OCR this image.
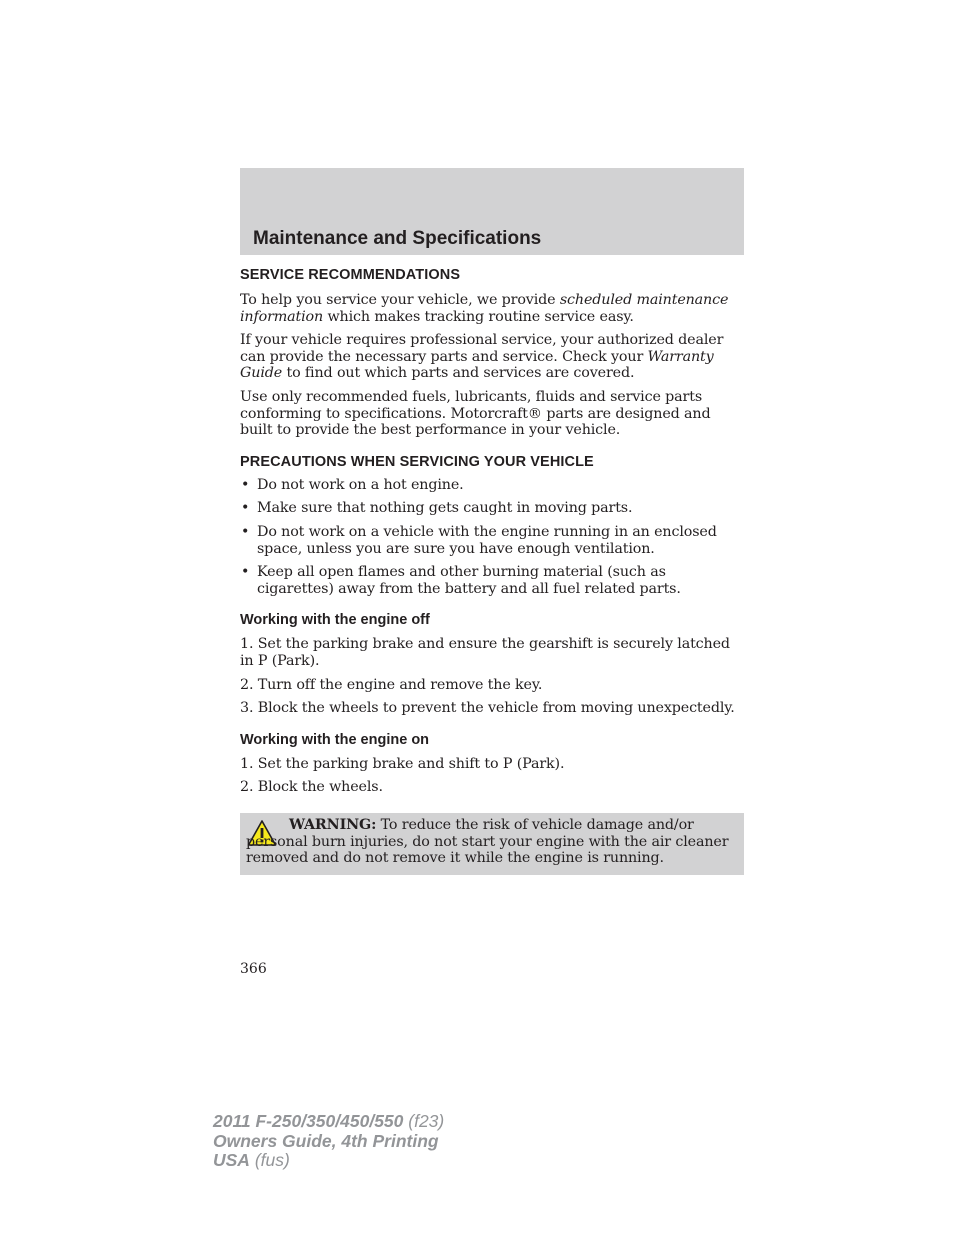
Maintenance and Specifications
SERVICE RECOMMENDATIONS

To help you service your vehicle, we provide scheduled maintenance information which makes tracking routine service easy.

If your vehicle requires professional service, your authorized dealer can provide the necessary parts and service. Check your Warranty Guide to find out which parts and services are covered.

Use only recommended fuels, lubricants, fluids and service parts conforming to specifications. Motorcraft® parts are designed and built to provide the best performance in your vehicle.

PRECAUTIONS WHEN SERVICING YOUR VEHICLE
• Do not work on a hot engine.
• Make sure that nothing gets caught in moving parts.
• Do not work on a vehicle with the engine running in an enclosed space, unless you are sure you have enough ventilation.
• Keep all open flames and other burning material (such as cigarettes) away from the battery and all fuel related parts.
Working with the engine off

1. Set the parking brake and ensure the gearshift is securely latched in P (Park).

2. Turn off the engine and remove the key.

3. Block the wheels to prevent the vehicle from moving unexpectedly.

Working with the engine on

1. Set the parking brake and shift to P (Park).

2. Block the wheels.

WARNING: To reduce the risk of vehicle damage and/or personal burn injuries, do not start your engine with the air cleaner removed and do not remove it while the engine is running.
366
2011 F-250/350/450/550 (f23)
Owners Guide, 4th Printing
USA (fus)
